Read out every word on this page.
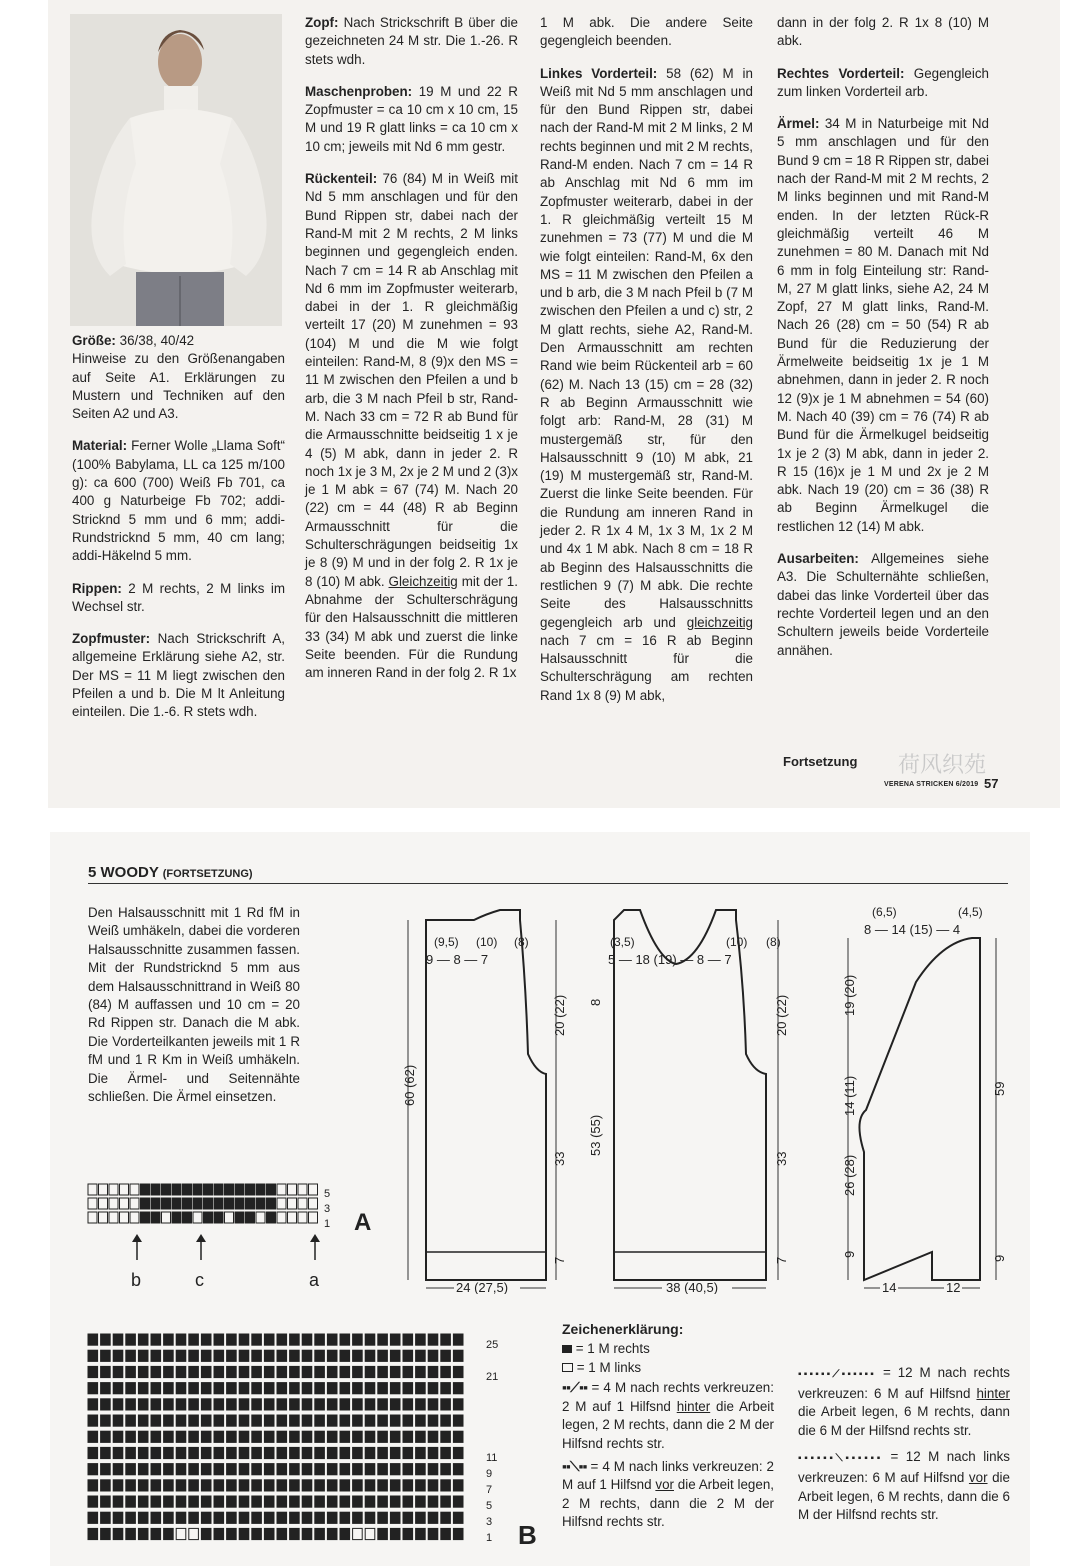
Größe: 36/38, 40/42
Hinweise zu den Größenangaben auf Seite A1. Erklärungen zu Mustern und Techniken auf den Seiten A2 und A3.

Material: Ferner Wolle „Llama Soft“ (100% Babylama, LL ca 125 m/100 g): ca 600 (700) Weiß Fb 701, ca 400 g Naturbeige Fb 702; addi-Stricknd 5 mm und 6 mm; addi-Rundstricknd 5 mm, 40 cm lang; addi-Häkelnd 5 mm.

Rippen: 2 M rechts, 2 M links im Wechsel str.

Zopfmuster: Nach Strickschrift A, allgemeine Erklärung siehe A2, str. Der MS = 11 M liegt zwischen den Pfeilen a und b. Die M lt Anleitung einteilen. Die 1.-6. R stets wdh.

Zopf: Nach Strickschrift B über die gezeichneten 24 M str. Die 1.-26. R stets wdh.

Maschenproben: 19 M und 22 R Zopfmuster = ca 10 cm x 10 cm, 15 M und 19 R glatt links = ca 10 cm x 10 cm; jeweils mit Nd 6 mm gestr.

Rückenteil: 76 (84) M in Weiß mit Nd 5 mm anschlagen und für den Bund Rippen str, dabei nach der Rand-M mit 2 M rechts, 2 M links beginnen und gegengleich enden. Nach 7 cm = 14 R ab Anschlag mit Nd 6 mm im Zopfmuster weiterarb, dabei in der 1. R gleichmäßig verteilt 17 (20) M zunehmen = 93 (104) M und die M wie folgt einteilen: Rand-M, 8 (9)x den MS = 11 M zwischen den Pfeilen a und b arb, die 3 M nach Pfeil b str, Rand-M. Nach 33 cm = 72 R ab Bund für die Armausschnitte beidseitig 1 x je 4 (5) M abk, dann in jeder 2. R noch 1x je 3 M, 2x je 2 M und 2 (3)x je 1 M abk = 67 (74) M. Nach 20 (22) cm = 44 (48) R ab Beginn Armausschnitt für die Schulterschrägungen beidseitig 1x je 8 (9) M und in der folg 2. R 1x je 8 (10) M abk. Gleichzeitig mit der 1. Abnahme der Schulterschrägung für den Halsausschnitt die mittleren 33 (34) M abk und zuerst die linke Seite beenden. Für die Rundung am inneren Rand in der folg 2. R 1x

1 M abk. Die andere Seite gegengleich beenden.

Linkes Vorderteil: 58 (62) M in Weiß mit Nd 5 mm anschlagen und für den Bund Rippen str, dabei nach der Rand-M mit 2 M links, 2 M rechts beginnen und mit 2 M rechts, Rand-M enden. Nach 7 cm = 14 R ab Anschlag mit Nd 6 mm im Zopfmuster weiterarb, dabei in der 1. R gleichmäßig verteilt 15 M zunehmen = 73 (77) M und die M wie folgt einteilen: Rand-M, 6x den MS = 11 M zwischen den Pfeilen a und b arb, die 3 M nach Pfeil b (7 M zwischen den Pfeilen a und c) str, 2 M glatt rechts, siehe A2, Rand-M. Den Armausschnitt am rechten Rand wie beim Rückenteil arb = 60 (62) M. Nach 13 (15) cm = 28 (32) R ab Beginn Armausschnitt wie folgt arb: Rand-M, 28 (31) M mustergemäß str, für den Halsausschnitt 9 (10) M abk, 21 (19) M mustergemäß str, Rand-M. Zuerst die linke Seite beenden. Für die Rundung am inneren Rand in jeder 2. R 1x 4 M, 1x 3 M, 1x 2 M und 4x 1 M abk. Nach 8 cm = 18 R ab Beginn des Halsausschnitts die restlichen 9 (7) M abk. Die rechte Seite des Halsausschnitts gegengleich arb und gleichzeitig nach 7 cm = 16 R ab Beginn Halsausschnitt für die Schulterschrägung am rechten Rand 1x 8 (9) M abk,

dann in der folg 2. R 1x 8 (10) M abk.

Rechtes Vorderteil: Gegengleich zum linken Vorderteil arb.

Ärmel: 34 M in Naturbeige mit Nd 5 mm anschlagen und für den Bund 9 cm = 18 R Rippen str, dabei nach der Rand-M mit 2 M rechts, 2 M links beginnen und mit Rand-M enden. In der letzten Rück-R gleichmäßig verteilt 46 M zunehmen = 80 M. Danach mit Nd 6 mm in folg Einteilung str: Rand-M, 27 M glatt links, siehe A2, 24 M Zopf, 27 M glatt links, Rand-M. Nach 26 (28) cm = 50 (54) R ab Bund für die Reduzierung der Ärmelweite beidseitig 1x je 1 M abnehmen, dann in jeder 2. R noch 12 (9)x je 1 M abnehmen = 54 (60) M. Nach 40 (39) cm = 76 (74) R ab Bund für die Ärmelkugel beidseitig 1x je 2 (3) M abk, dann in jeder 2. R 15 (16)x je 1 M und 2x je 2 M abk. Nach 19 (20) cm = 36 (38) R ab Beginn Ärmelkugel die restlichen 12 (14) M abk.

Ausarbeiten: Allgemeines siehe A3. Die Schulternähte schließen, dabei das linke Vorderteil über das rechte Vorderteil legen und an den Schultern jeweils beide Vorderteile annähen.

Fortsetzung 荷风织苑
VERENA STRICKEN 6/2019 57
5 WOODY (FORTSETZUNG)
Den Halsausschnitt mit 1 Rd fM in Weiß umhäkeln, dabei die vorderen Halsausschnitte zusammen fassen. Mit der Rundstricknd 5 mm aus dem Halsausschnittrand in Weiß 80 (84) M auffassen und 10 cm = 20 Rd Rippen str. Danach die M abk. Die Vorderteilkanten jeweils mit 1 R fM und 1 R Km in Weiß umhäkeln. Die Ärmel- und Seitennähte schließen. Die Ärmel einsetzen.
5
3
1 A
b	c	a
25
21
11
9
7
5
3
1 B
(9,5) (10) (8)
9 — 8 — 7
60 (62)
20 (22)
33
7
24 (27,5)
(3,5)	(10) (8)
5 — 18 (19) — 8 — 7
8
53 (55)
20 (22)
33
7
38 (40,5)
(6,5)	(4,5)
8 — 14 (15) — 4
19 (20)
14 (11)
26 (28)
9
59
9
14	12
Zeichenerklärung:
= 1 M rechts
= 1 M links
▪▪⟋▪▪ = 4 M nach rechts verkreuzen: 2 M auf 1 Hilfsnd hinter die Arbeit legen, 2 M rechts, dann die 2 M der Hilfsnd rechts str.
▪▪⟍▪▪ = 4 M nach links verkreuzen: 2 M auf 1 Hilfsnd vor die Arbeit legen, 2 M rechts, dann die 2 M der Hilfsnd rechts str.
▪▪▪▪▪▪⟋▪▪▪▪▪▪ = 12 M nach rechts verkreuzen: 6 M auf Hilfsnd hinter die Arbeit legen, 6 M rechts, dann die 6 M der Hilfsnd rechts str.
▪▪▪▪▪▪⟍▪▪▪▪▪▪ = 12 M nach links verkreuzen: 6 M auf Hilfsnd vor die Arbeit legen, 6 M rechts, dann die 6 M der Hilfsnd rechts str.
